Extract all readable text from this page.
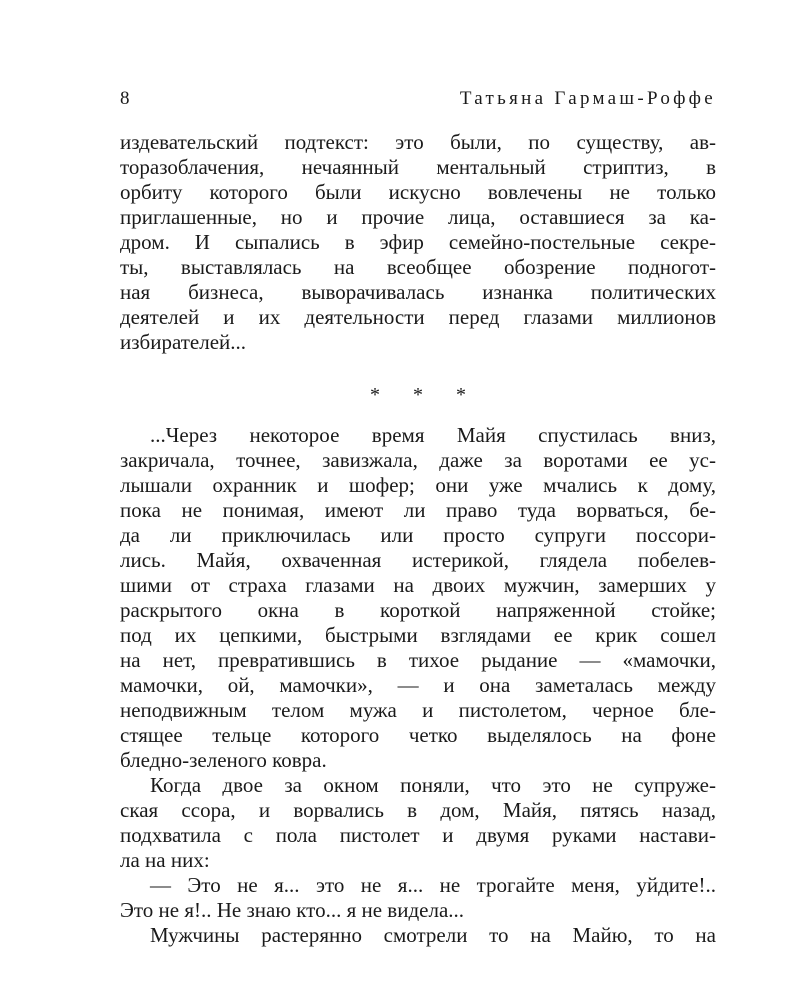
8	Татьяна Гармаш-Роффе
издевательский подтекст: это были, по существу, ав-
торазоблачения, нечаянный ментальный стриптиз, в
орбиту которого были искусно вовлечены не только
приглашенные, но и прочие лица, оставшиеся за ка-
дром. И сыпались в эфир семейно-постельные секре-
ты, выставлялась на всеобщее обозрение подногот-
ная бизнеса, выворачивалась изнанка политических
деятелей и их деятельности перед глазами миллионов
избирателей...
* * *
...Через некоторое время Майя спустилась вниз,
закричала, точнее, завизжала, даже за воротами ее ус-
лышали охранник и шофер; они уже мчались к дому,
пока не понимая, имеют ли право туда ворваться, бе-
да ли приключилась или просто супруги поссори-
лись. Майя, охваченная истерикой, глядела побелев-
шими от страха глазами на двоих мужчин, замерших у
раскрытого окна в короткой напряженной стойке;
под их цепкими, быстрыми взглядами ее крик сошел
на нет, превратившись в тихое рыдание — «мамочки,
мамочки, ой, мамочки», — и она заметалась между
неподвижным телом мужа и пистолетом, черное бле-
стящее тельце которого четко выделялось на фоне
бледно-зеленого ковра.
Когда двое за окном поняли, что это не супруже-
ская ссора, и ворвались в дом, Майя, пятясь назад,
подхватила с пола пистолет и двумя руками настави-
ла на них:
— Это не я... это не я... не трогайте меня, уйдите!..
Это не я!.. Не знаю кто... я не видела...
Мужчины растерянно смотрели то на Майю, то на
